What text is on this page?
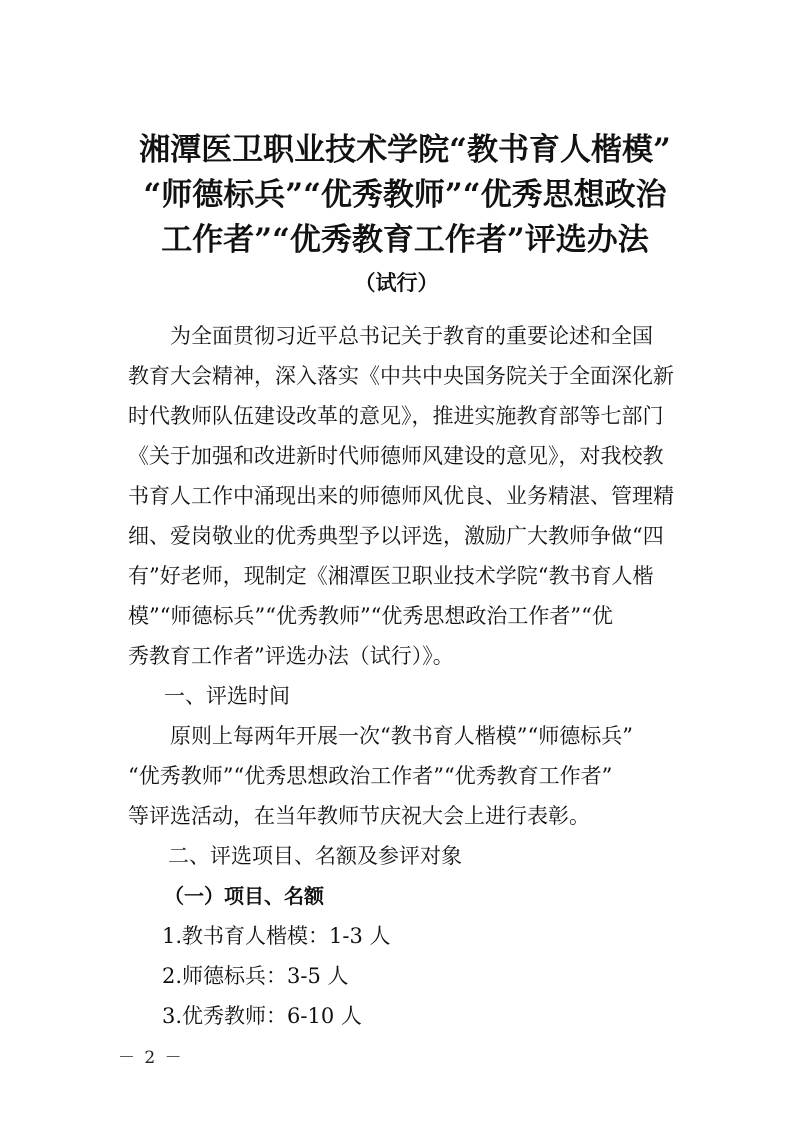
湘潭医卫职业技术学院“教书育人楷模”
“师德标兵”“优秀教师”“优秀思想政治
工作者”“优秀教育工作者”评选办法
（试行）

为全面贯彻习近平总书记关于教育的重要论述和全国
教育大会精神，深入落实《中共中央国务院关于全面深化新
时代教师队伍建设改革的意见》，推进实施教育部等七部门
《关于加强和改进新时代师德师风建设的意见》，对我校教
书育人工作中涌现出来的师德师风优良、业务精湛、管理精
细、爱岗敬业的优秀典型予以评选，激励广大教师争做“四
有”好老师，现制定《湘潭医卫职业技术学院“教书育人楷
模”“师德标兵”“优秀教师”“优秀思想政治工作者”“优
秀教育工作者”评选办法（试行）》。

一、评选时间

原则上每两年开展一次“教书育人楷模”“师德标兵”
“优秀教师”“优秀思想政治工作者”“优秀教育工作者”
等评选活动，在当年教师节庆祝大会上进行表彰。

二、评选项目、名额及参评对象

（一）项目、名额

1.教书育人楷模：1-3 人

2.师德标兵：3-5 人

3.优秀教师：6-10 人

－ 2 －
